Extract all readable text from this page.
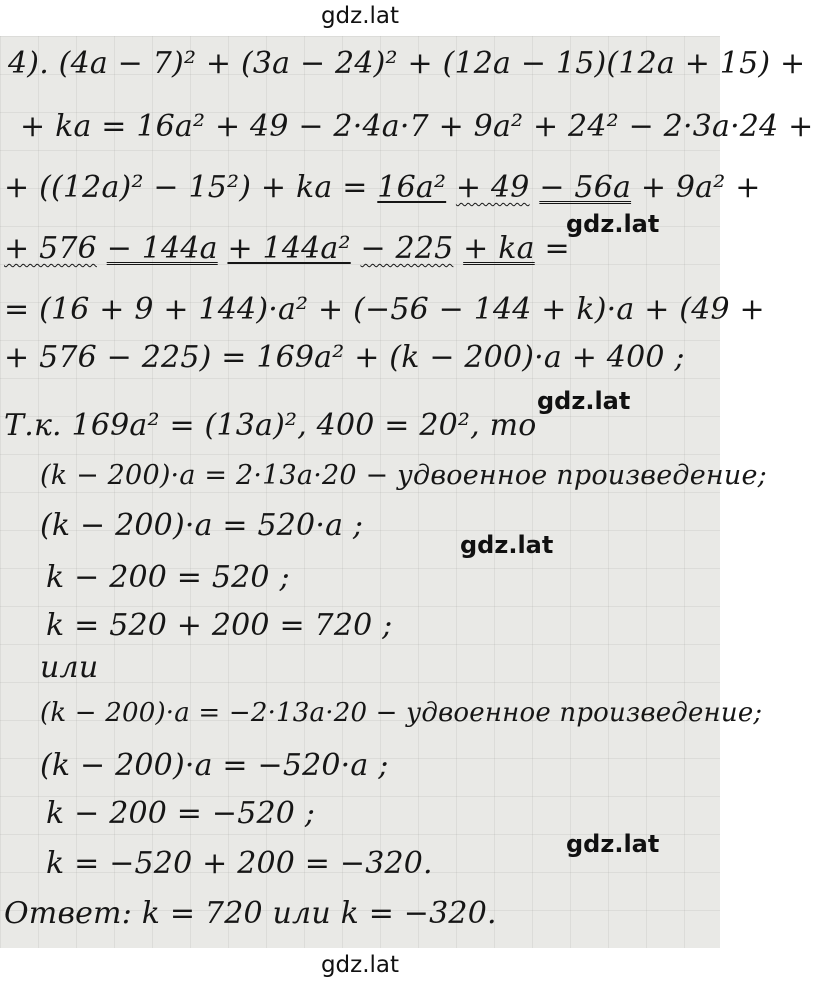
gdz.lat
4). (4a − 7)² + (3a − 24)² + (12a − 15)(12a + 15) +
+ ka = 16a² + 49 − 2·4a·7 + 9a² + 24² − 2·3a·24 +
+ ((12a)² − 15²) + ka = 16a² + 49 − 56a + 9a² +
+ 576 − 144a + 144a² − 225 + ka =
= (16 + 9 + 144)·a² + (−56 − 144 + k)·a + (49 +
+ 576 − 225) = 169a² + (k − 200)·a + 400 ;
Т.к. 169a² = (13a)², 400 = 20², то
(k − 200)·a = 2·13a·20 − удвоенное произведение;
(k − 200)·a = 520·a ;
k − 200 = 520 ;
k = 520 + 200 = 720 ;
или
(k − 200)·a = −2·13a·20 − удвоенное произведение;
(k − 200)·a = −520·a ;
k − 200 = −520 ;
k = −520 + 200 = −320.
Ответ: k = 720 или k = −320.
gdz.lat
gdz.lat
gdz.lat
gdz.lat
gdz.lat
